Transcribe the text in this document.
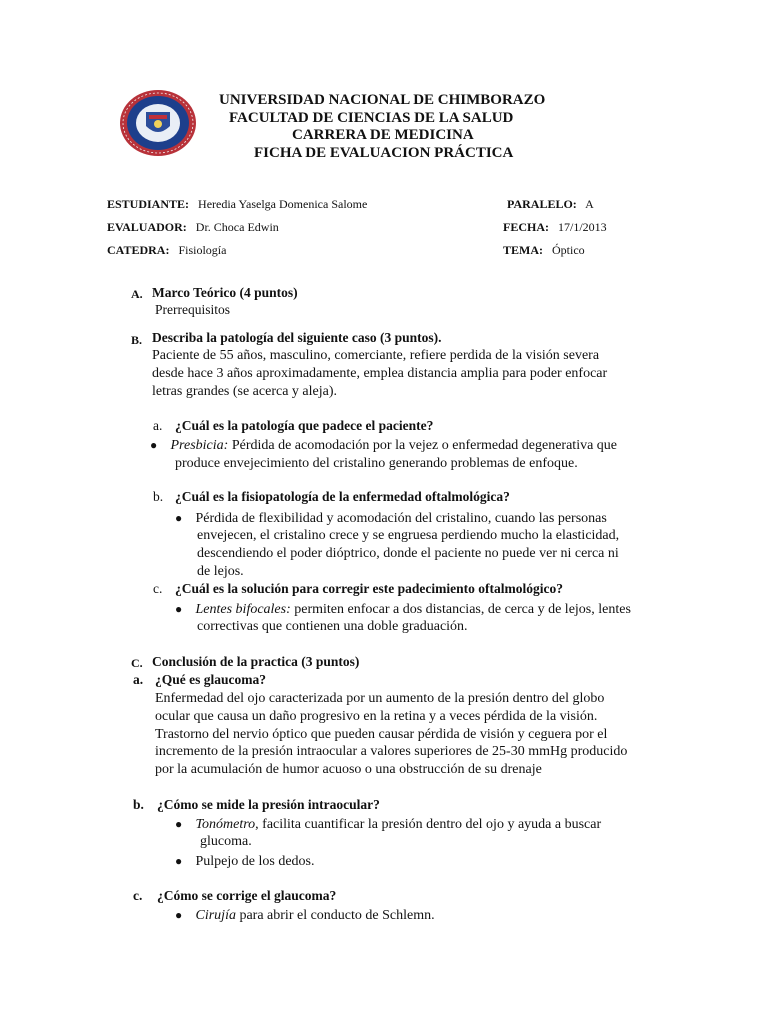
UNIVERSIDAD NACIONAL DE CHIMBORAZO
FACULTAD DE CIENCIAS DE LA SALUD
CARRERA DE MEDICINA
FICHA DE EVALUACION PRÁCTICA
ESTUDIANTE: Heredia Yaselga Domenica Salome	PARALELO: A
EVALUADOR: Dr. Choca Edwin	FECHA: 17/1/2013
CATEDRA: Fisiología	TEMA: Óptico
A. Marco Teórico (4 puntos)
Prerrequisitos
B. Describa la patología del siguiente caso (3 puntos).
Paciente de 55 años, masculino, comerciante, refiere perdida de la visión severa
desde hace 3 años aproximadamente, emplea distancia amplia para poder enfocar
letras grandes (se acerca y aleja).
a. ¿Cuál es la patología que padece el paciente?
● Presbicia: Pérdida de acomodación por la vejez o enfermedad degenerativa que
produce envejecimiento del cristalino generando problemas de enfoque.
b. ¿Cuál es la fisiopatología de la enfermedad oftalmológica?
● Pérdida de flexibilidad y acomodación del cristalino, cuando las personas
envejecen, el cristalino crece y se engruesa perdiendo mucho la elasticidad,
descendiendo el poder dióptrico, donde el paciente no puede ver ni cerca ni
de lejos.
c. ¿Cuál es la solución para corregir este padecimiento oftalmológico?
● Lentes bifocales: permiten enfocar a dos distancias, de cerca y de lejos, lentes
correctivas que contienen una doble graduación.
C. Conclusión de la practica (3 puntos)
a. ¿Qué es glaucoma?
Enfermedad del ojo caracterizada por un aumento de la presión dentro del globo
ocular que causa un daño progresivo en la retina y a veces pérdida de la visión.
Trastorno del nervio óptico que pueden causar pérdida de visión y ceguera por el
incremento de la presión intraocular a valores superiores de 25-30 mmHg producido
por la acumulación de humor acuoso o una obstrucción de su drenaje
b. ¿Cómo se mide la presión intraocular?
● Tonómetro, facilita cuantificar la presión dentro del ojo y ayuda a buscar
glucoma.
● Pulpejo de los dedos.
c. ¿Cómo se corrige el glaucoma?
● Cirujía para abrir el conducto de Schlemn.
